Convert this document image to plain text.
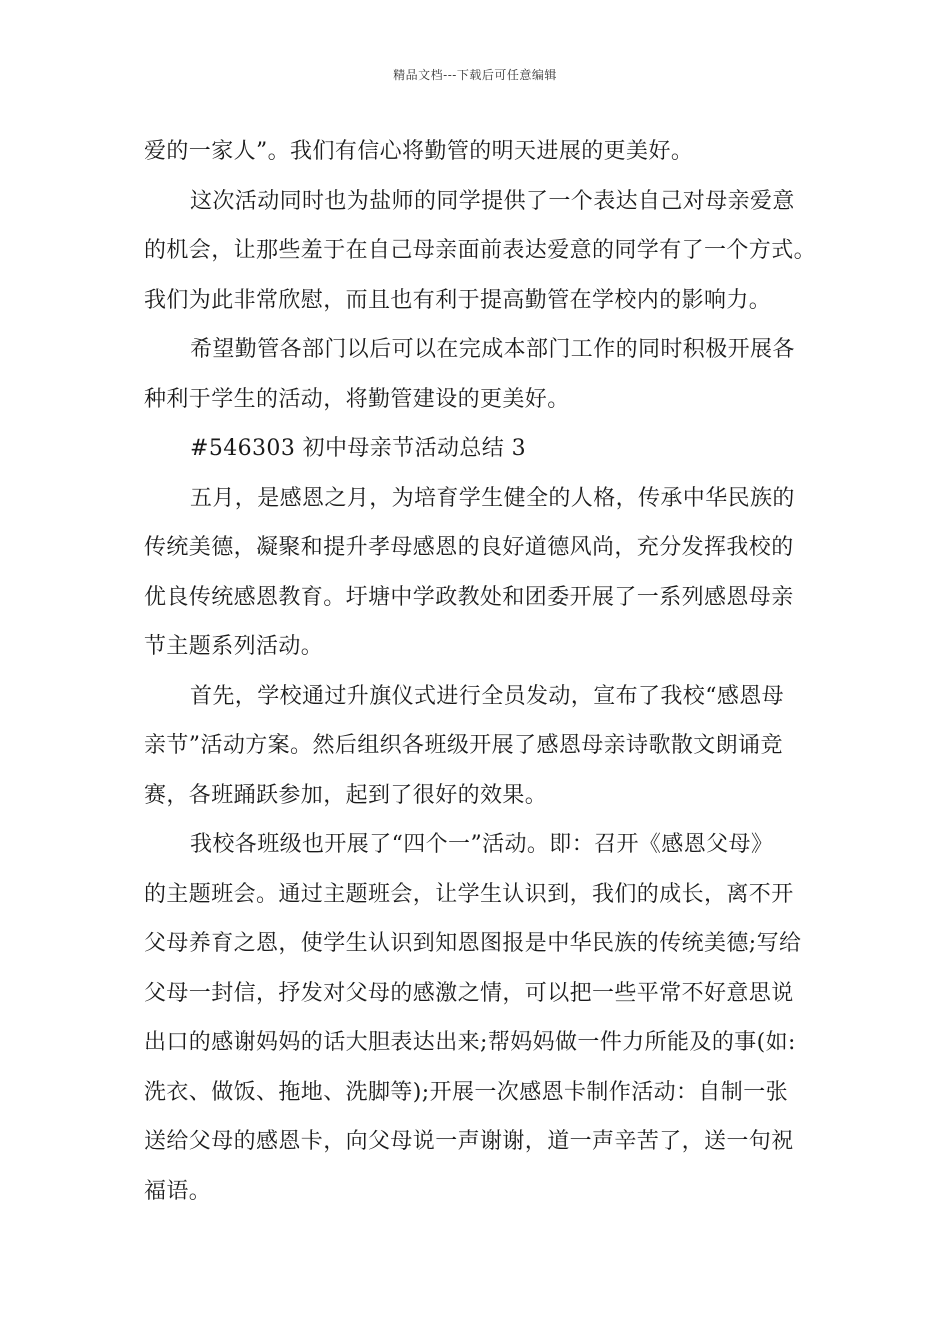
精品文档---下载后可任意编辑
爱的一家人”。我们有信心将勤管的明天进展的更美好。
这次活动同时也为盐师的同学提供了一个表达自己对母亲爱意
的机会，让那些羞于在自己母亲面前表达爱意的同学有了一个方式。
我们为此非常欣慰，而且也有利于提高勤管在学校内的影响力。
希望勤管各部门以后可以在完成本部门工作的同时积极开展各
种利于学生的活动，将勤管建设的更美好。
#546303 初中母亲节活动总结 3
五月，是感恩之月，为培育学生健全的人格，传承中华民族的
传统美德，凝聚和提升孝母感恩的良好道德风尚，充分发挥我校的
优良传统感恩教育。圩塘中学政教处和团委开展了一系列感恩母亲
节主题系列活动。
首先，学校通过升旗仪式进行全员发动，宣布了我校“感恩母
亲节”活动方案。然后组织各班级开展了感恩母亲诗歌散文朗诵竞
赛，各班踊跃参加，起到了很好的效果。
我校各班级也开展了“四个一”活动。即：召开《感恩父母》
的主题班会。通过主题班会，让学生认识到，我们的成长，离不开
父母养育之恩，使学生认识到知恩图报是中华民族的传统美德;写给
父母一封信，抒发对父母的感激之情，可以把一些平常不好意思说
出口的感谢妈妈的话大胆表达出来;帮妈妈做一件力所能及的事(如:
洗衣、做饭、拖地、洗脚等);开展一次感恩卡制作活动：自制一张
送给父母的感恩卡，向父母说一声谢谢，道一声辛苦了，送一句祝
福语。
